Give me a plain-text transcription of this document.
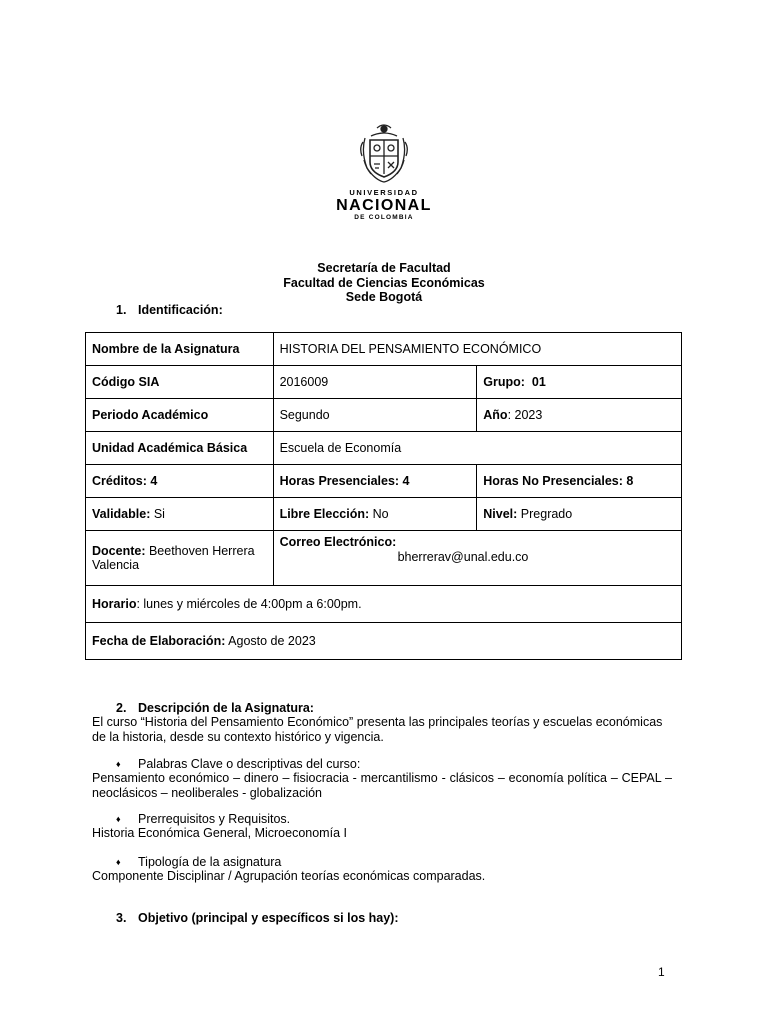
UNIVERSIDAD
NACIONAL
DE COLOMBIA
Secretaría de Facultad
Facultad de Ciencias Económicas
Sede Bogotá
1. Identificación:
Nombre de la Asignatura	HISTORIA DEL PENSAMIENTO ECONÓMICO	
Código SIA	2016009	Grupo: 01
Periodo Académico	Segundo	Año: 2023
Unidad Académica Básica	Escuela de Economía	
Créditos: 4	Horas Presenciales: 4	Horas No Presenciales: 8
Validable: Si	Libre Elección: No	Nivel: Pregrado
Docente: Beethoven Herrera Valencia	Correo Electrónico:
bherrerav@unal.edu.co	

Horario: lunes y miércoles de 4:00pm a 6:00pm.		
Fecha de Elaboración: Agosto de 2023		
2. Descripción de la Asignatura:
El curso “Historia del Pensamiento Económico” presenta las principales teorías y escuelas económicas de la historia, desde su contexto histórico y vigencia.
♦ Palabras Clave o descriptivas del curso:
Pensamiento económico – dinero – fisiocracia - mercantilismo - clásicos – economía política – CEPAL – neoclásicos – neoliberales - globalización
♦ Prerrequisitos y Requisitos.
Historia Económica General, Microeconomía I
♦ Tipología de la asignatura
Componente Disciplinar / Agrupación teorías económicas comparadas.
3. Objetivo (principal y específicos si los hay):
1
